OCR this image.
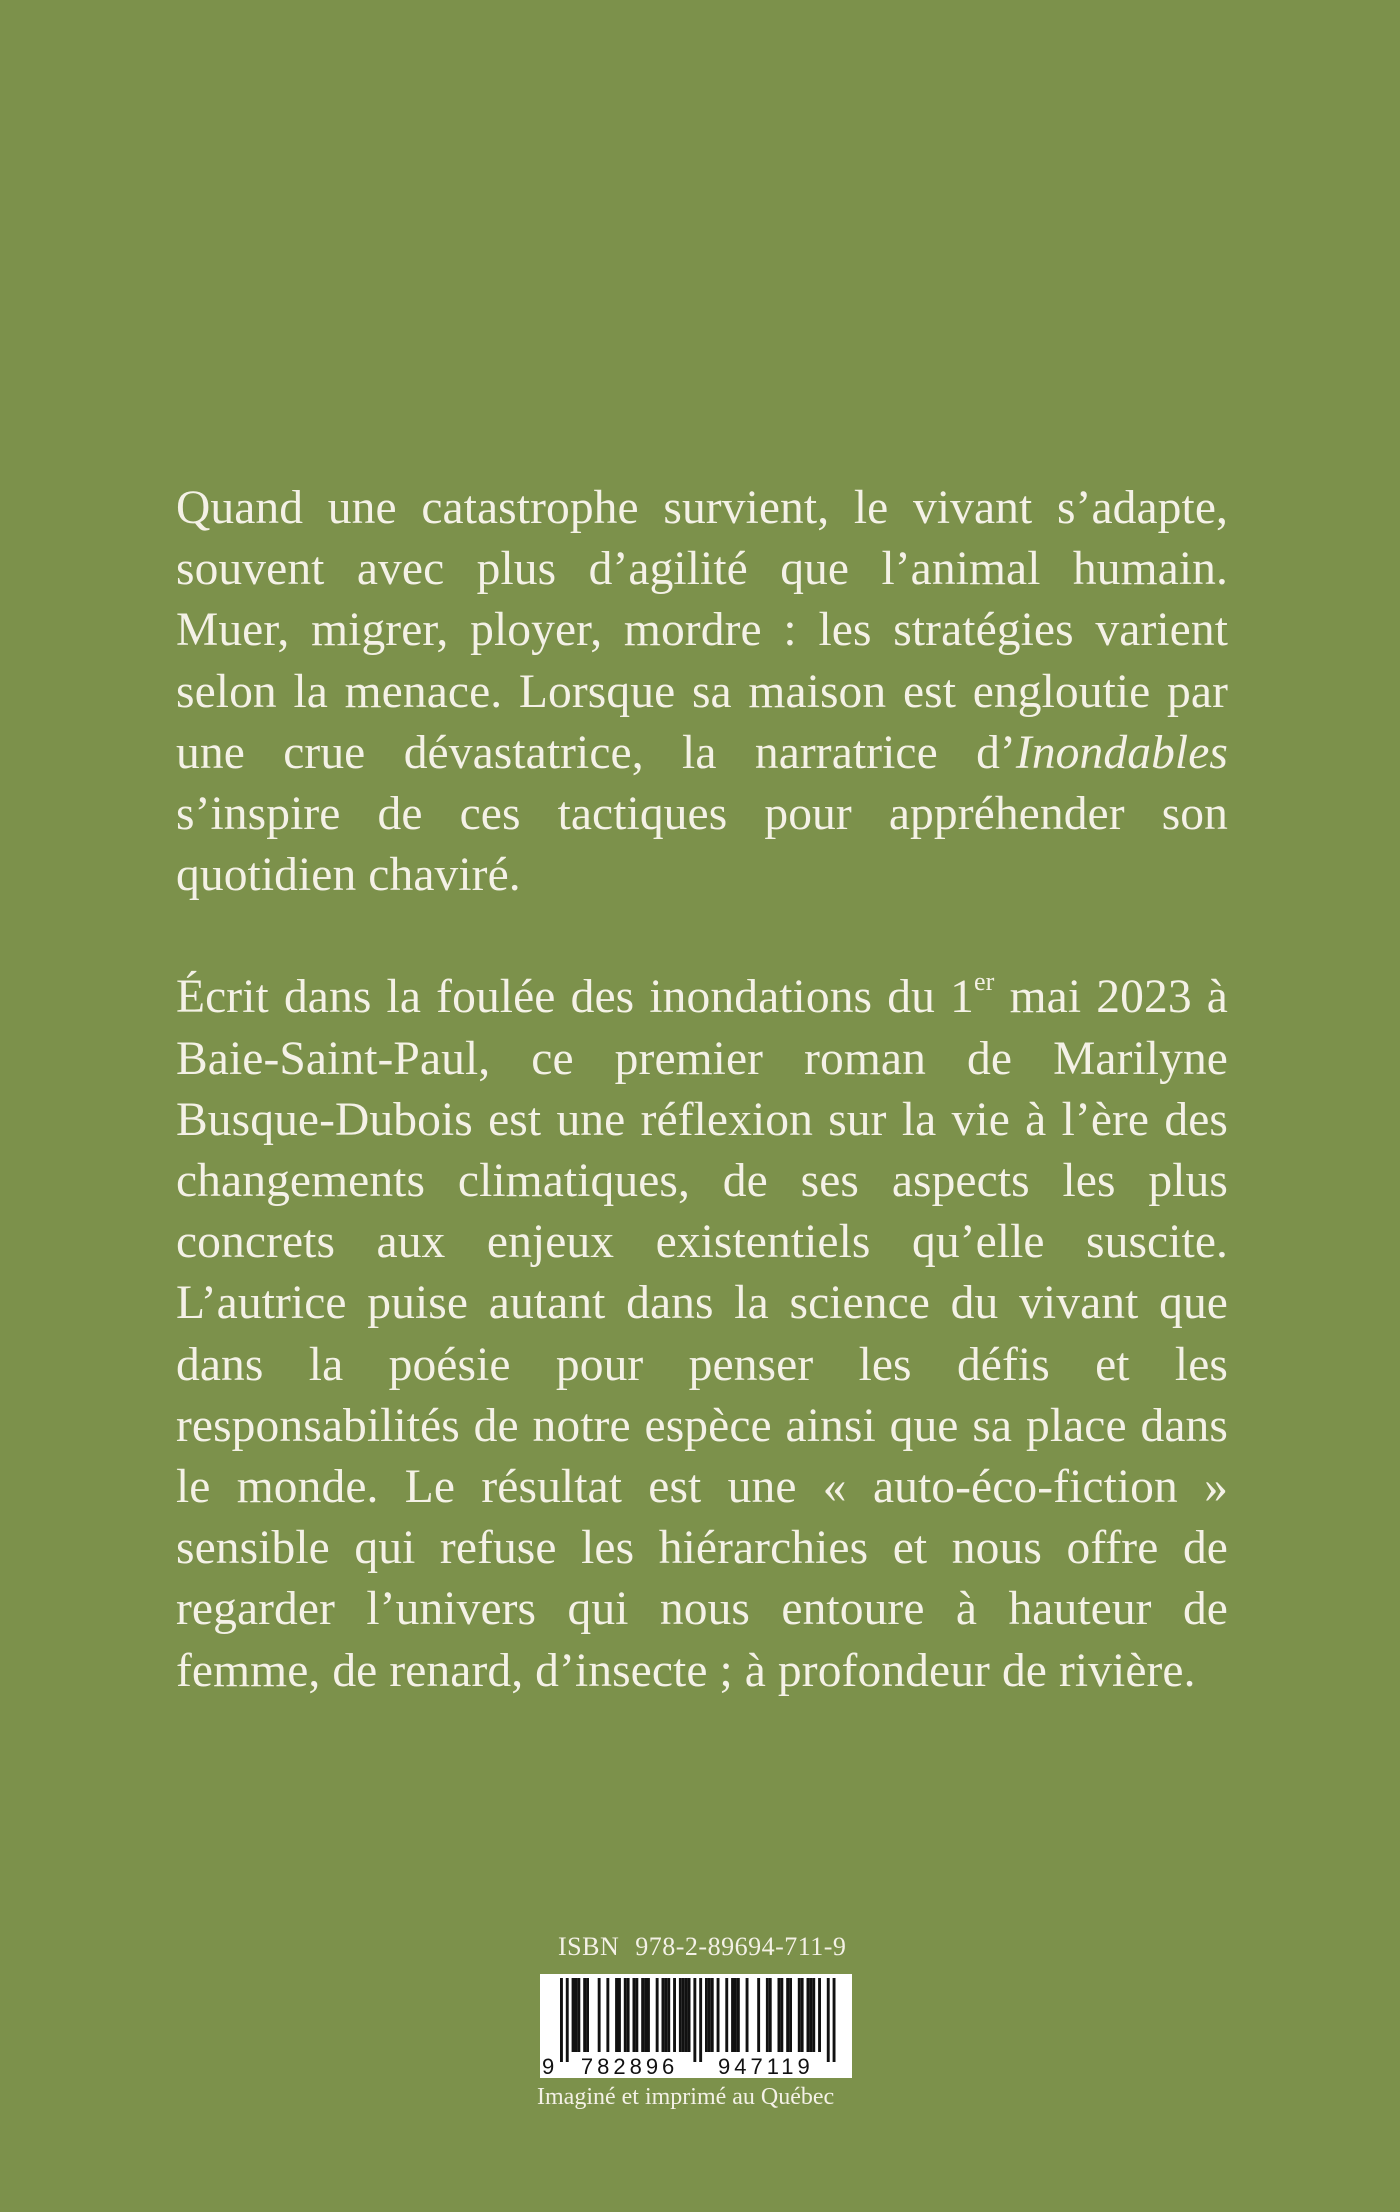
Quand une catastrophe survient, le vivant s’adapte, souvent avec plus d’agilité que l’animal humain. Muer, migrer, ployer, mordre : les stratégies varient selon la menace. Lorsque sa maison est engloutie par une crue dévastatrice, la narratrice d’Inondables s’inspire de ces tactiques pour appréhender son quotidien chaviré.

Écrit dans la foulée des inondations du 1er mai 2023 à Baie-Saint-Paul, ce premier roman de Marilyne Busque-Dubois est une réflexion sur la vie à l’ère des changements climatiques, de ses aspects les plus concrets aux enjeux existentiels qu’elle suscite. L’autrice puise autant dans la science du vivant que dans la poésie pour penser les défis et les responsabilités de notre espèce ainsi que sa place dans le monde. Le résultat est une « auto-éco-fiction » sensible qui refuse les hiérarchies et nous offre de regarder l’univers qui nous entoure à hauteur de femme, de renard, d’insecte ; à profondeur de rivière.

ISBN 978-2-89694-711-9
9 782896 947119
Imaginé et imprimé au Québec
